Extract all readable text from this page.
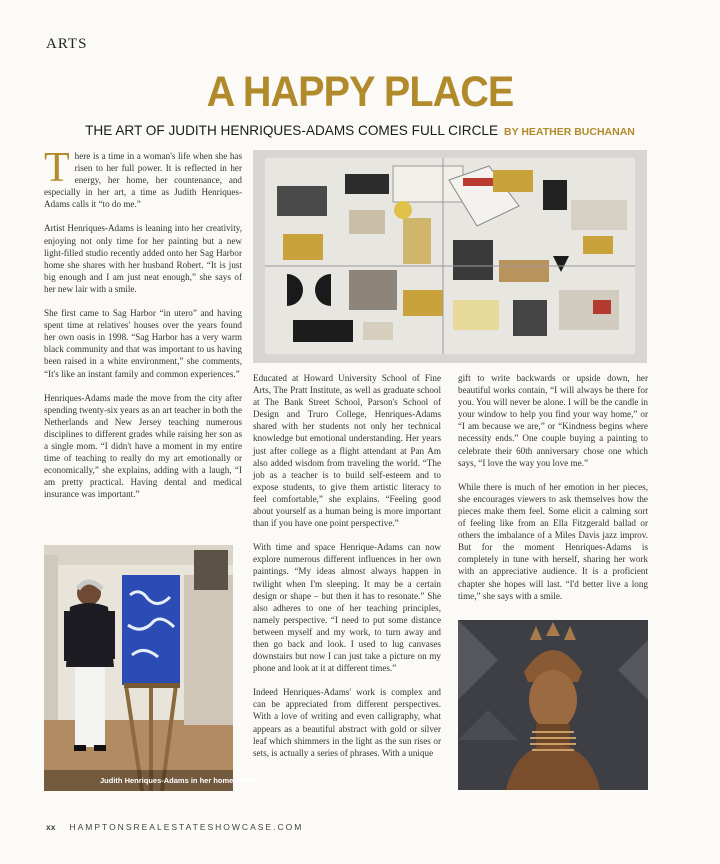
ARTS
A HAPPY PLACE
THE ART OF JUDITH HENRIQUES-ADAMS COMES FULL CIRCLE BY HEATHER BUCHANAN

There is a time in a woman's life when she has risen to her full power. It is reflected in her energy, her home, her countenance, and especially in her art, a time as Judith Henriques-Adams calls it “to do me.”

Artist Henriques-Adams is leaning into her creativity, enjoying not only time for her painting but a new light-filled studio recently added onto her Sag Harbor home she shares with her husband Robert. “It is just big enough and I am just neat enough,” she says of her new lair with a smile.

She first came to Sag Harbor “in utero” and having spent time at relatives' houses over the years found her own oasis in 1998. “Sag Harbor has a very warm black community and that was important to us having been raised in a white environment,” she comments, “It's like an instant family and common experiences.”

Henriques-Adams made the move from the city after spending twenty-six years as an art teacher in both the Netherlands and New Jersey teaching numerous disciplines to different grades while raising her son as a single mom. “I didn't have a moment in my entire time of teaching to really do my art emotionally or economically,” she explains, adding with a laugh, “I am pretty practical. Having dental and medical insurance was important.”

Judith Henriques-Adams in her home studio.

Educated at Howard University School of Fine Arts, The Pratt Institute, as well as graduate school at The Bank Street School, Parson's School of Design and Truro College, Henriques-Adams shared with her students not only her technical knowledge but emotional understanding. Her years just after college as a flight attendant at Pan Am also added wisdom from traveling the world. “The job as a teacher is to build self-esteem and to expose students, to give them artistic literacy to feel comfortable,” she explains. “Feeling good about yourself as a human being is more important than if you have one point perspective.”

With time and space Henrique-Adams can now explore numerous different influences in her own paintings. “My ideas almost always happen in twilight when I'm sleeping. It may be a certain design or shape – but then it has to resonate.” She also adheres to one of her teaching principles, namely perspective. “I need to put some distance between myself and my work, to turn away and then go back and look. I used to lug canvases downstairs but now I can just take a picture on my phone and look at it at different times.”

Indeed Henriques-Adams' work is complex and can be appreciated from different perspectives. With a love of writing and even calligraphy, what appears as a beautiful abstract with gold or silver leaf which shimmers in the light as the sun rises or sets, is actually a series of phrases. With a unique

gift to write backwards or upside down, her beautiful works contain, “I will always be there for you. You will never be alone. I will be the candle in your window to help you find your way home,” or “I am because we are,” or “Kindness begins where necessity ends.” One couple buying a painting to celebrate their 60th anniversary chose one which says, “I love the way you love me.”

While there is much of her emotion in her pieces, she encourages viewers to ask themselves how the pieces make them feel. Some elicit a calming sort of feeling like from an Ella Fitzgerald ballad or others the imbalance of a Miles Davis jazz improv. But for the moment Henriques-Adams is completely in tune with herself, sharing her work with an appreciative audience. It is a proficient chapter she hopes will last. “I'd better live a long time,” she says with a smile.

xx HAMPTONSREALESTATESHOWCASE.COM
